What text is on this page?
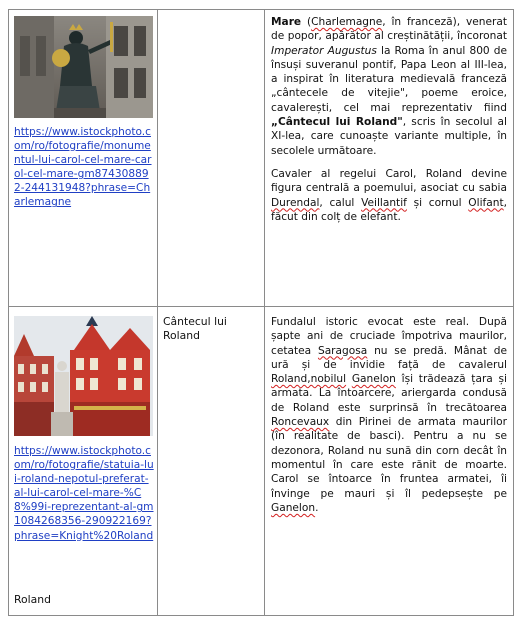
https://www.istockphoto.com/ro/fotografie/monumentul-lui-carol-cel-mare-carol-cel-mare-gm874308892-244131948?phrase=Charlemagne

Mare (Charlemagne, în franceză), venerat de popor, apărător al creștinătății, încoronat Imperator Augustus la Roma în anul 800 de însuși suveranul pontif, Papa Leon al III-lea, a inspirat în literatura medievală franceză „cântecele de vitejie", poeme eroice, cavalerești, cel mai reprezentativ fiind „Cântecul lui Roland", scris în secolul al XI-lea, care cunoaște variante multiple, în secolele următoare.

Cavaler al regelui Carol, Roland devine figura centrală a poemului, asociat cu sabia Durendal, calul Veillantif și cornul Olifant, făcut din colț de elefant.

https://www.istockphoto.com/ro/fotografie/statuia-lui-roland-nepotul-preferat-al-lui-carol-cel-mare-%C8%99i-reprezentant-al-gm1084268356-290922169?phrase=Knight%20Roland
Roland
Cântecul lui Roland

Fundalul istoric evocat este real. După șapte ani de cruciade împotriva maurilor, cetatea Saragosa nu se predă. Mânat de ură și de invidie față de cavalerul Roland,nobilul Ganelon își trădează țara și armata. La întoarcere, ariergarda condusă de Roland este surprinsă în trecătoarea Roncevaux din Pirinei de armata maurilor (în realitate de basci). Pentru a nu se dezonora, Roland nu sună din corn decât în momentul în care este rănit de moarte. Carol se întoarce în fruntea armatei, îi învinge pe mauri și îl pedepsește pe Ganelon.
